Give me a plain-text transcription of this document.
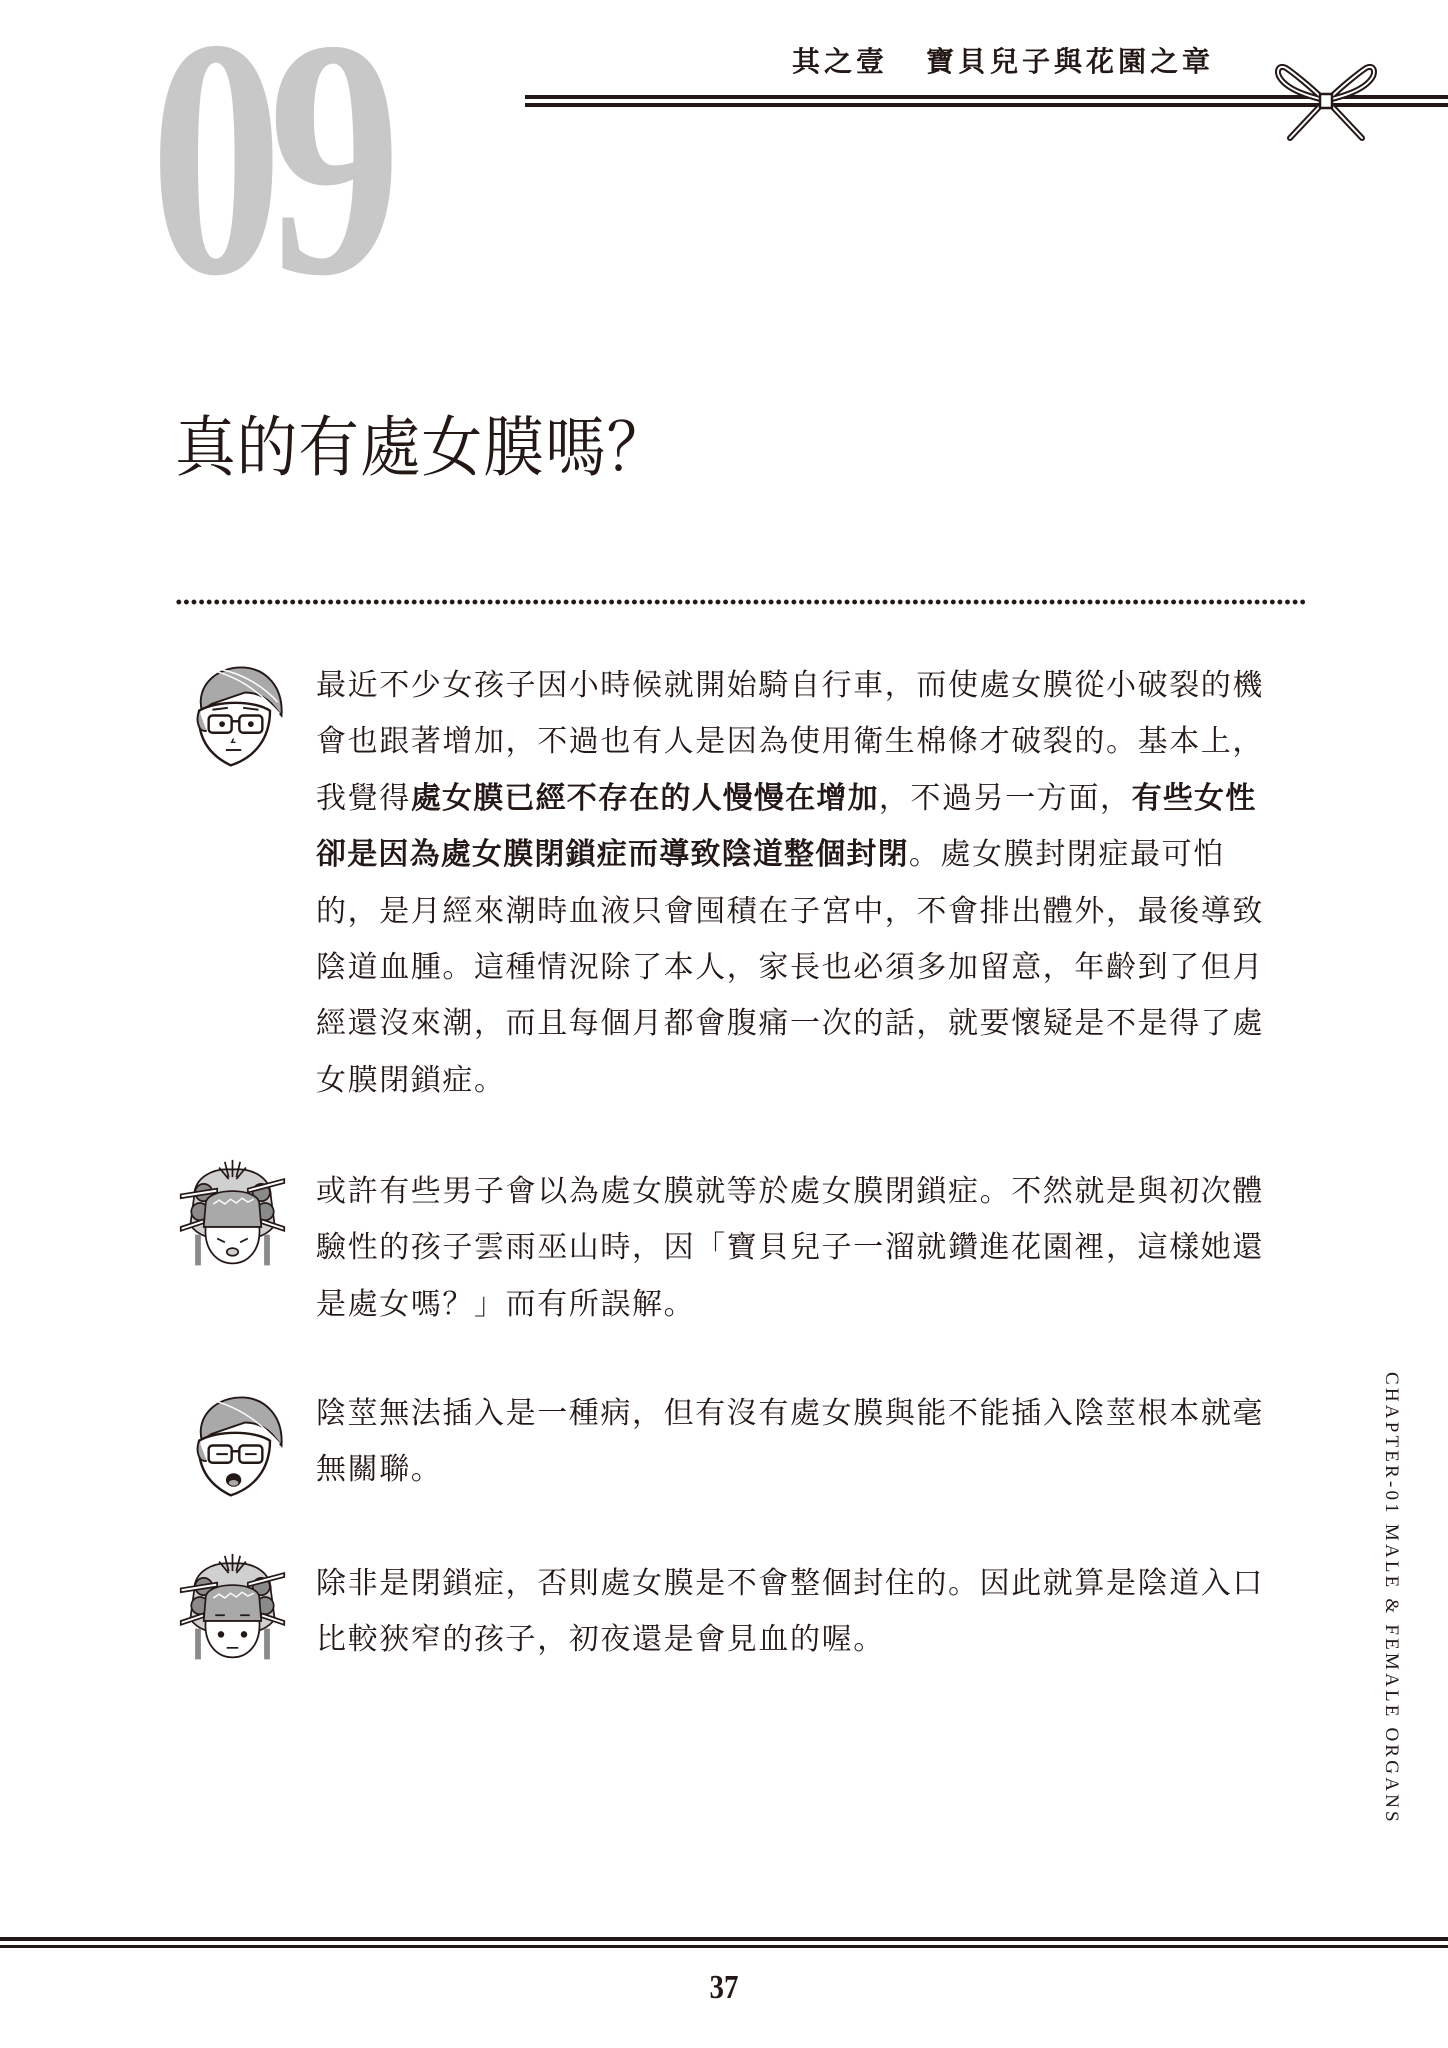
09	其之壹 寶貝兒子與花園之章
真的有處女膜嗎？
最近不少女孩子因小時候就開始騎自行車，而使處女膜從小破裂的機
會也跟著增加，不過也有人是因為使用衛生棉條才破裂的。基本上，
我覺得處女膜已經不存在的人慢慢在增加，不過另一方面，有些女性
卻是因為處女膜閉鎖症而導致陰道整個封閉。處女膜封閉症最可怕
的，是月經來潮時血液只會囤積在子宮中，不會排出體外，最後導致
陰道血腫。這種情況除了本人，家長也必須多加留意，年齡到了但月
經還沒來潮，而且每個月都會腹痛一次的話，就要懷疑是不是得了處
女膜閉鎖症。
或許有些男子會以為處女膜就等於處女膜閉鎖症。不然就是與初次體
驗性的孩子雲雨巫山時，因「寶貝兒子一溜就鑽進花園裡，這樣她還
是處女嗎？」而有所誤解。
陰莖無法插入是一種病，但有沒有處女膜與能不能插入陰莖根本就毫
無關聯。
除非是閉鎖症，否則處女膜是不會整個封住的。因此就算是陰道入口
比較狹窄的孩子，初夜還是會見血的喔。	CHAPTER-01 MALE & FEMALE ORGANS
37
